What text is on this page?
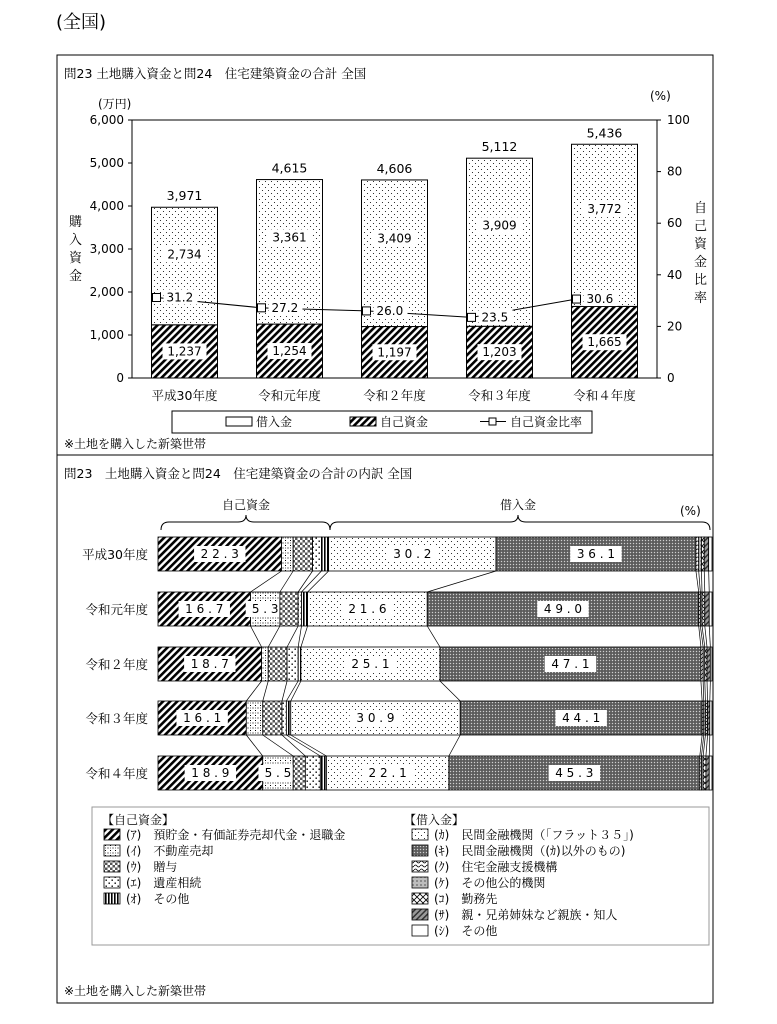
(全国)
問23 土地購入資金と問24　住宅建築資金の合計 全国
(万円)
(%)
購
入
資
金
自
己
資
金
比
率
※土地を購入した新築世帯
借入金	自己資金	自己資金比率
0
1,000
2,000
3,000
4,000
5,000
6,000
0
20
40
60
80
100
1,237
2,734
3,971
平成30年度
1,254
3,361
4,615
令和元年度
1,197
3,409
4,606
令和２年度
1,203
3,909
5,112
令和３年度
1,665
3,772
5,436
令和４年度
31.2
27.2	26.0	23.5
30.6
問23　土地購入資金と問24　住宅建築資金の合計の内訳 全国
自己資金	借入金	(%)
平成30年度	2 2 . 3	3 0 . 2	3 6 . 1
令和元年度	1 6 . 7 5 . 3	2 1 . 6	4 9 . 0
令和２年度	1 8 . 7	2 5 . 1	4 7 . 1
令和３年度	1 6 . 1	3 0 . 9	4 4 . 1
令和４年度	1 8 . 9	5 . 5	2 2 . 1	4 5 . 3
【自己資金】	【借入金】
(ｱ)　預貯金・有価証券売却代金・退職金
(ｲ)　不動産売却
(ｳ)　贈与
(ｴ)　遺産相続
(ｵ)　その他
(ｶ)　民間金融機関（「フラット３５」)
(ｷ)　民間金融機関（(ｶ)以外のもの)
(ｸ)　住宅金融支援機構
(ｹ)　その他公的機関
(ｺ)　勤務先
(ｻ)　親・兄弟姉妹など親族・知人
(ｼ)　その他
※土地を購入した新築世帯
